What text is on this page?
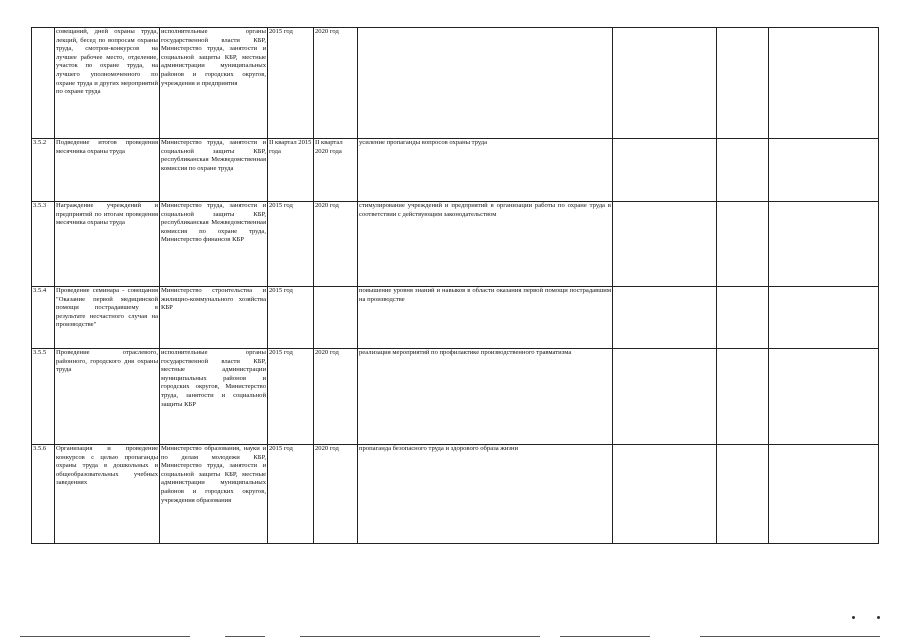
	совещаний, дней охраны труда, лекций, бесед по вопросам охраны труда, смотров-конкурсов на лучшее рабочее место, отделение, участок по охране труда, на лучшего уполномоченного по охране труда и других мероприятий по охране труда	исполнительные органы государственной власти КБР, Министерство труда, занятости и социальной защиты КБР, местные администрации муниципальных районов и городских округов, учреждения и предприятия	2015 год	2020 год				
3.5.2	Подведение итогов проведения месячника охраны труда	Министерство труда, занятости и социальной защиты КБР, республиканская Межведомственная комиссия по охране труда	II квартал 2015 года	II квартал 2020 года	усиление пропаганды вопросов охраны труда			
3.5.3	Награждение учреждений и предприятий по итогам проведения месячника охраны труда	Министерство труда, занятости и социальной защиты КБР, республиканская Межведомственная комиссия по охране труда, Министерство финансов КБР	2015 год	2020 год	стимулирование учреждений и предприятий в организации работы по охране труда в соответствии с действующим законодательством			
3.5.4	Проведение семинара - совещания "Оказание первой медицинской помощи пострадавшему в результате несчастного случая на производстве"	Министерство строительства и жилищно-коммунального хозяйства КБР	2015 год		повышение уровня знаний и навыков в области оказания первой помощи пострадавшим на производстве			
3.5.5	Проведение отраслевого, районного, городского дня охраны труда	исполнительные органы государственной власти КБР, местные администрации муниципальных районов и городских округов, Министерство труда, занятости и социальной защиты КБР	2015 год	2020 год	реализация мероприятий по профилактике производственного травматизма			
3.5.6	Организация и проведение конкурсов с целью пропаганды охраны труда в дошкольных и общеобразовательных учебных заведениях	Министерство образования, науки и по делам молодежи КБР, Министерство труда, занятости и социальной защиты КБР, местные администрации муниципальных районов и городских округов, учреждения образования	2015 год	2020 год	пропаганда безопасного труда и здорового образа жизни			
